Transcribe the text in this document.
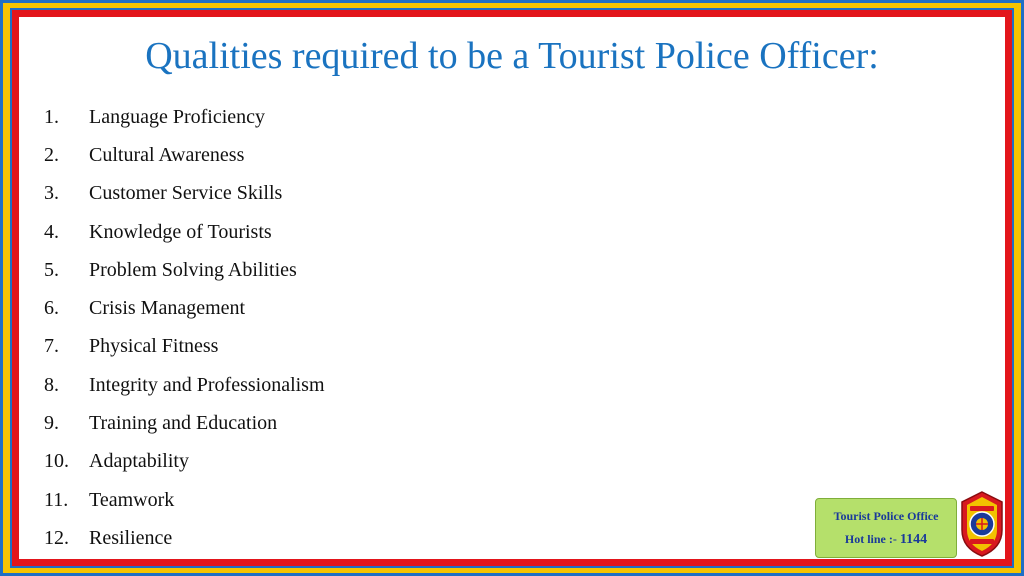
Qualities required to be a Tourist Police Officer:
1.	Language Proficiency
2.	Cultural Awareness
3.	Customer Service Skills
4.	Knowledge of Tourists
5.	Problem Solving Abilities
6.	Crisis Management
7.	Physical Fitness
8.	Integrity and Professionalism
9.	Training and Education
10.	Adaptability
11.	Teamwork
12.	Resilience
Tourist Police Office
Hot line :- 1144
